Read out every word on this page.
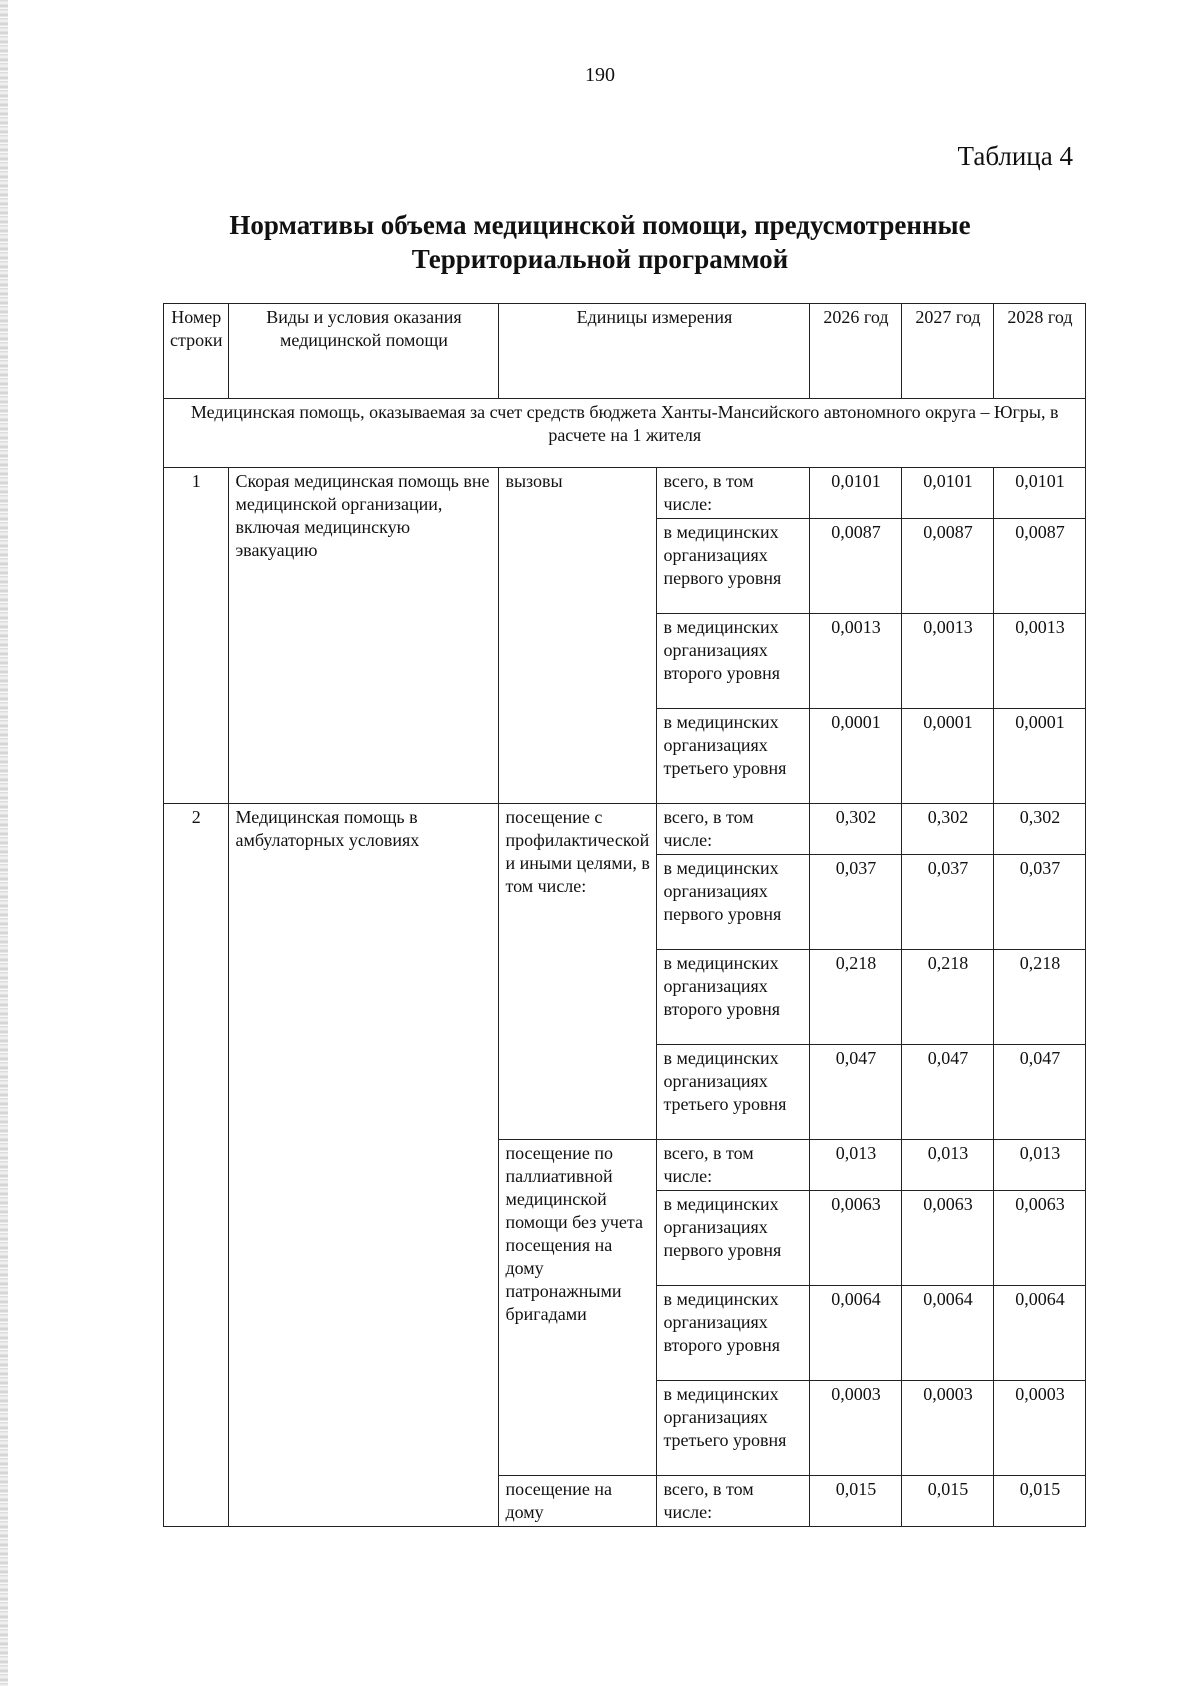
190
Таблица 4
Нормативы объема медицинской помощи, предусмотренные
Территориальной программой
Номер строки	Виды и условия оказания медицинской помощи	Единицы измерения		2026 год	2027 год	2028 год
Медицинская помощь, оказываемая за счет средств бюджета Ханты-Мансийского автономного округа – Югры, в расчете на 1 жителя						
1	Скорая медицинская помощь вне медицинской организации, включая медицинскую эвакуацию	вызовы	всего, в том числе:	0,0101	0,0101	0,0101
			в медицинских организациях первого уровня	0,0087	0,0087	0,0087
			в медицинских организациях второго уровня	0,0013	0,0013	0,0013
			в медицинских организациях третьего уровня	0,0001	0,0001	0,0001
2	Медицинская помощь в амбулаторных условиях	посещение с профилактической и иными целями, в том числе:	всего, в том числе:	0,302	0,302	0,302
			в медицинских организациях первого уровня	0,037	0,037	0,037
			в медицинских организациях второго уровня	0,218	0,218	0,218
			в медицинских организациях третьего уровня	0,047	0,047	0,047
		посещение по паллиативной медицинской помощи без учета посещения на дому патронажными бригадами	всего, в том числе:	0,013	0,013	0,013
			в медицинских организациях первого уровня	0,0063	0,0063	0,0063
			в медицинских организациях второго уровня	0,0064	0,0064	0,0064
			в медицинских организациях третьего уровня	0,0003	0,0003	0,0003
		посещение на дому	всего, в том числе:	0,015	0,015	0,015
